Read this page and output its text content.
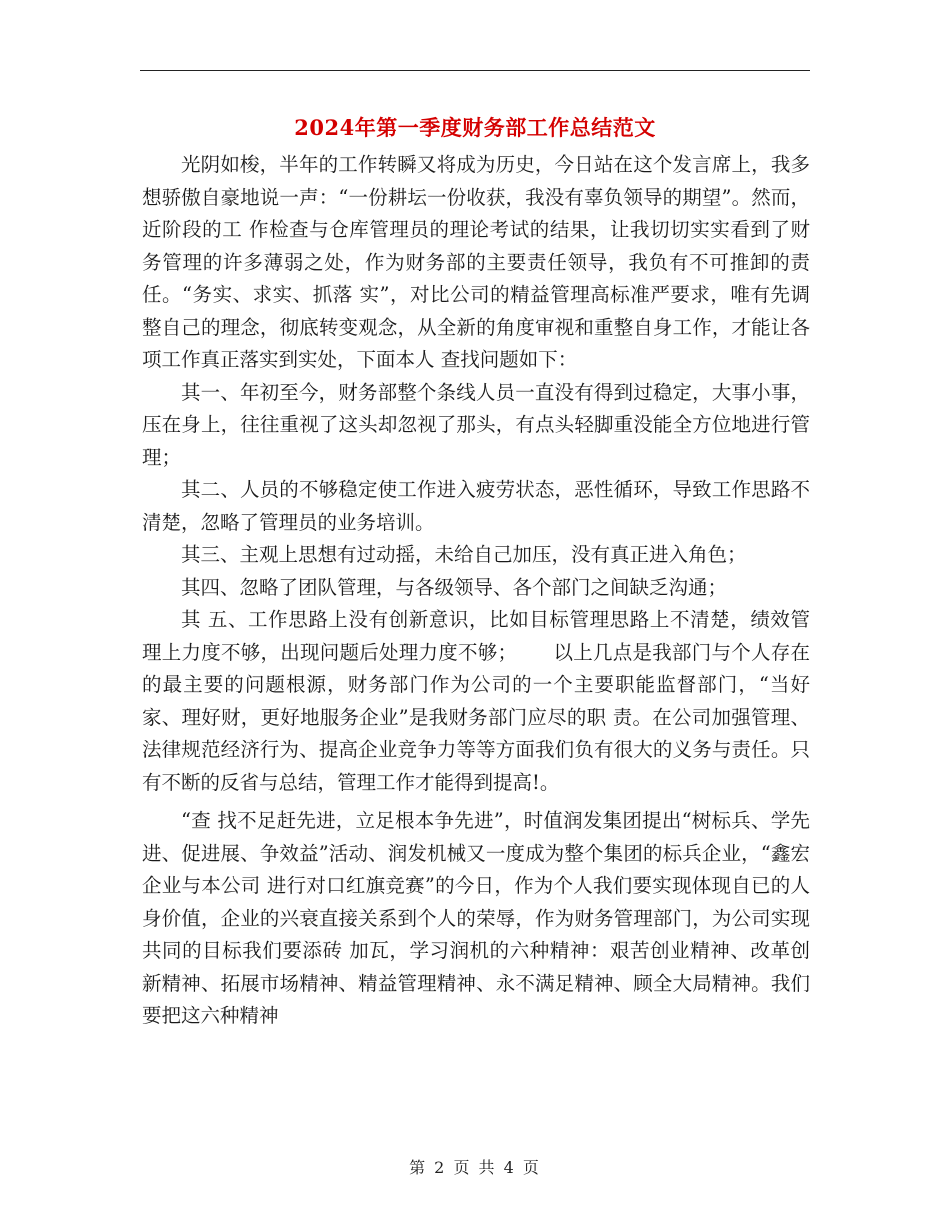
2024年第一季度财务部工作总结范文

光阴如梭，半年的工作转瞬又将成为历史，今日站在这个发言席上，我多想骄傲自豪地说一声：“一份耕坛一份收获，我没有辜负领导的期望”。然而，近阶段的工 作检查与仓库管理员的理论考试的结果，让我切切实实看到了财务管理的许多薄弱之处，作为财务部的主要责任领导，我负有不可推卸的责任。“务实、求实、抓落 实”，对比公司的精益管理高标准严要求，唯有先调整自己的理念，彻底转变观念，从全新的角度审视和重整自身工作，才能让各项工作真正落实到实处，下面本人 查找问题如下：

其一、年初至今，财务部整个条线人员一直没有得到过稳定，大事小事，压在身上，往往重视了这头却忽视了那头，有点头轻脚重没能全方位地进行管理；

其二、人员的不够稳定使工作进入疲劳状态，恶性循环，导致工作思路不清楚，忽略了管理员的业务培训。

其三、主观上思想有过动摇，未给自己加压，没有真正进入角色；

其四、忽略了团队管理，与各级领导、各个部门之间缺乏沟通；

其 五、工作思路上没有创新意识，比如目标管理思路上不清楚，绩效管理上力度不够，出现问题后处理力度不够；　　 以上几点是我部门与个人存在的最主要的问题根源，财务部门作为公司的一个主要职能监督部门，“当好家、理好财，更好地服务企业”是我财务部门应尽的职 责。在公司加强管理、法律规范经济行为、提高企业竞争力等等方面我们负有很大的义务与责任。只有不断的反省与总结，管理工作才能得到提高!。

“查 找不足赶先进，立足根本争先进”，时值润发集团提出“树标兵、学先进、促进展、争效益”活动、润发机械又一度成为整个集团的标兵企业，“鑫宏企业与本公司 进行对口红旗竞赛”的今日，作为个人我们要实现体现自已的人身价值，企业的兴衰直接关系到个人的荣辱，作为财务管理部门，为公司实现共同的目标我们要添砖 加瓦，学习润机的六种精神：艰苦创业精神、改革创新精神、拓展市场精神、精益管理精神、永不满足精神、顾全大局精神。我们要把这六种精神

第 2 页 共 4 页
